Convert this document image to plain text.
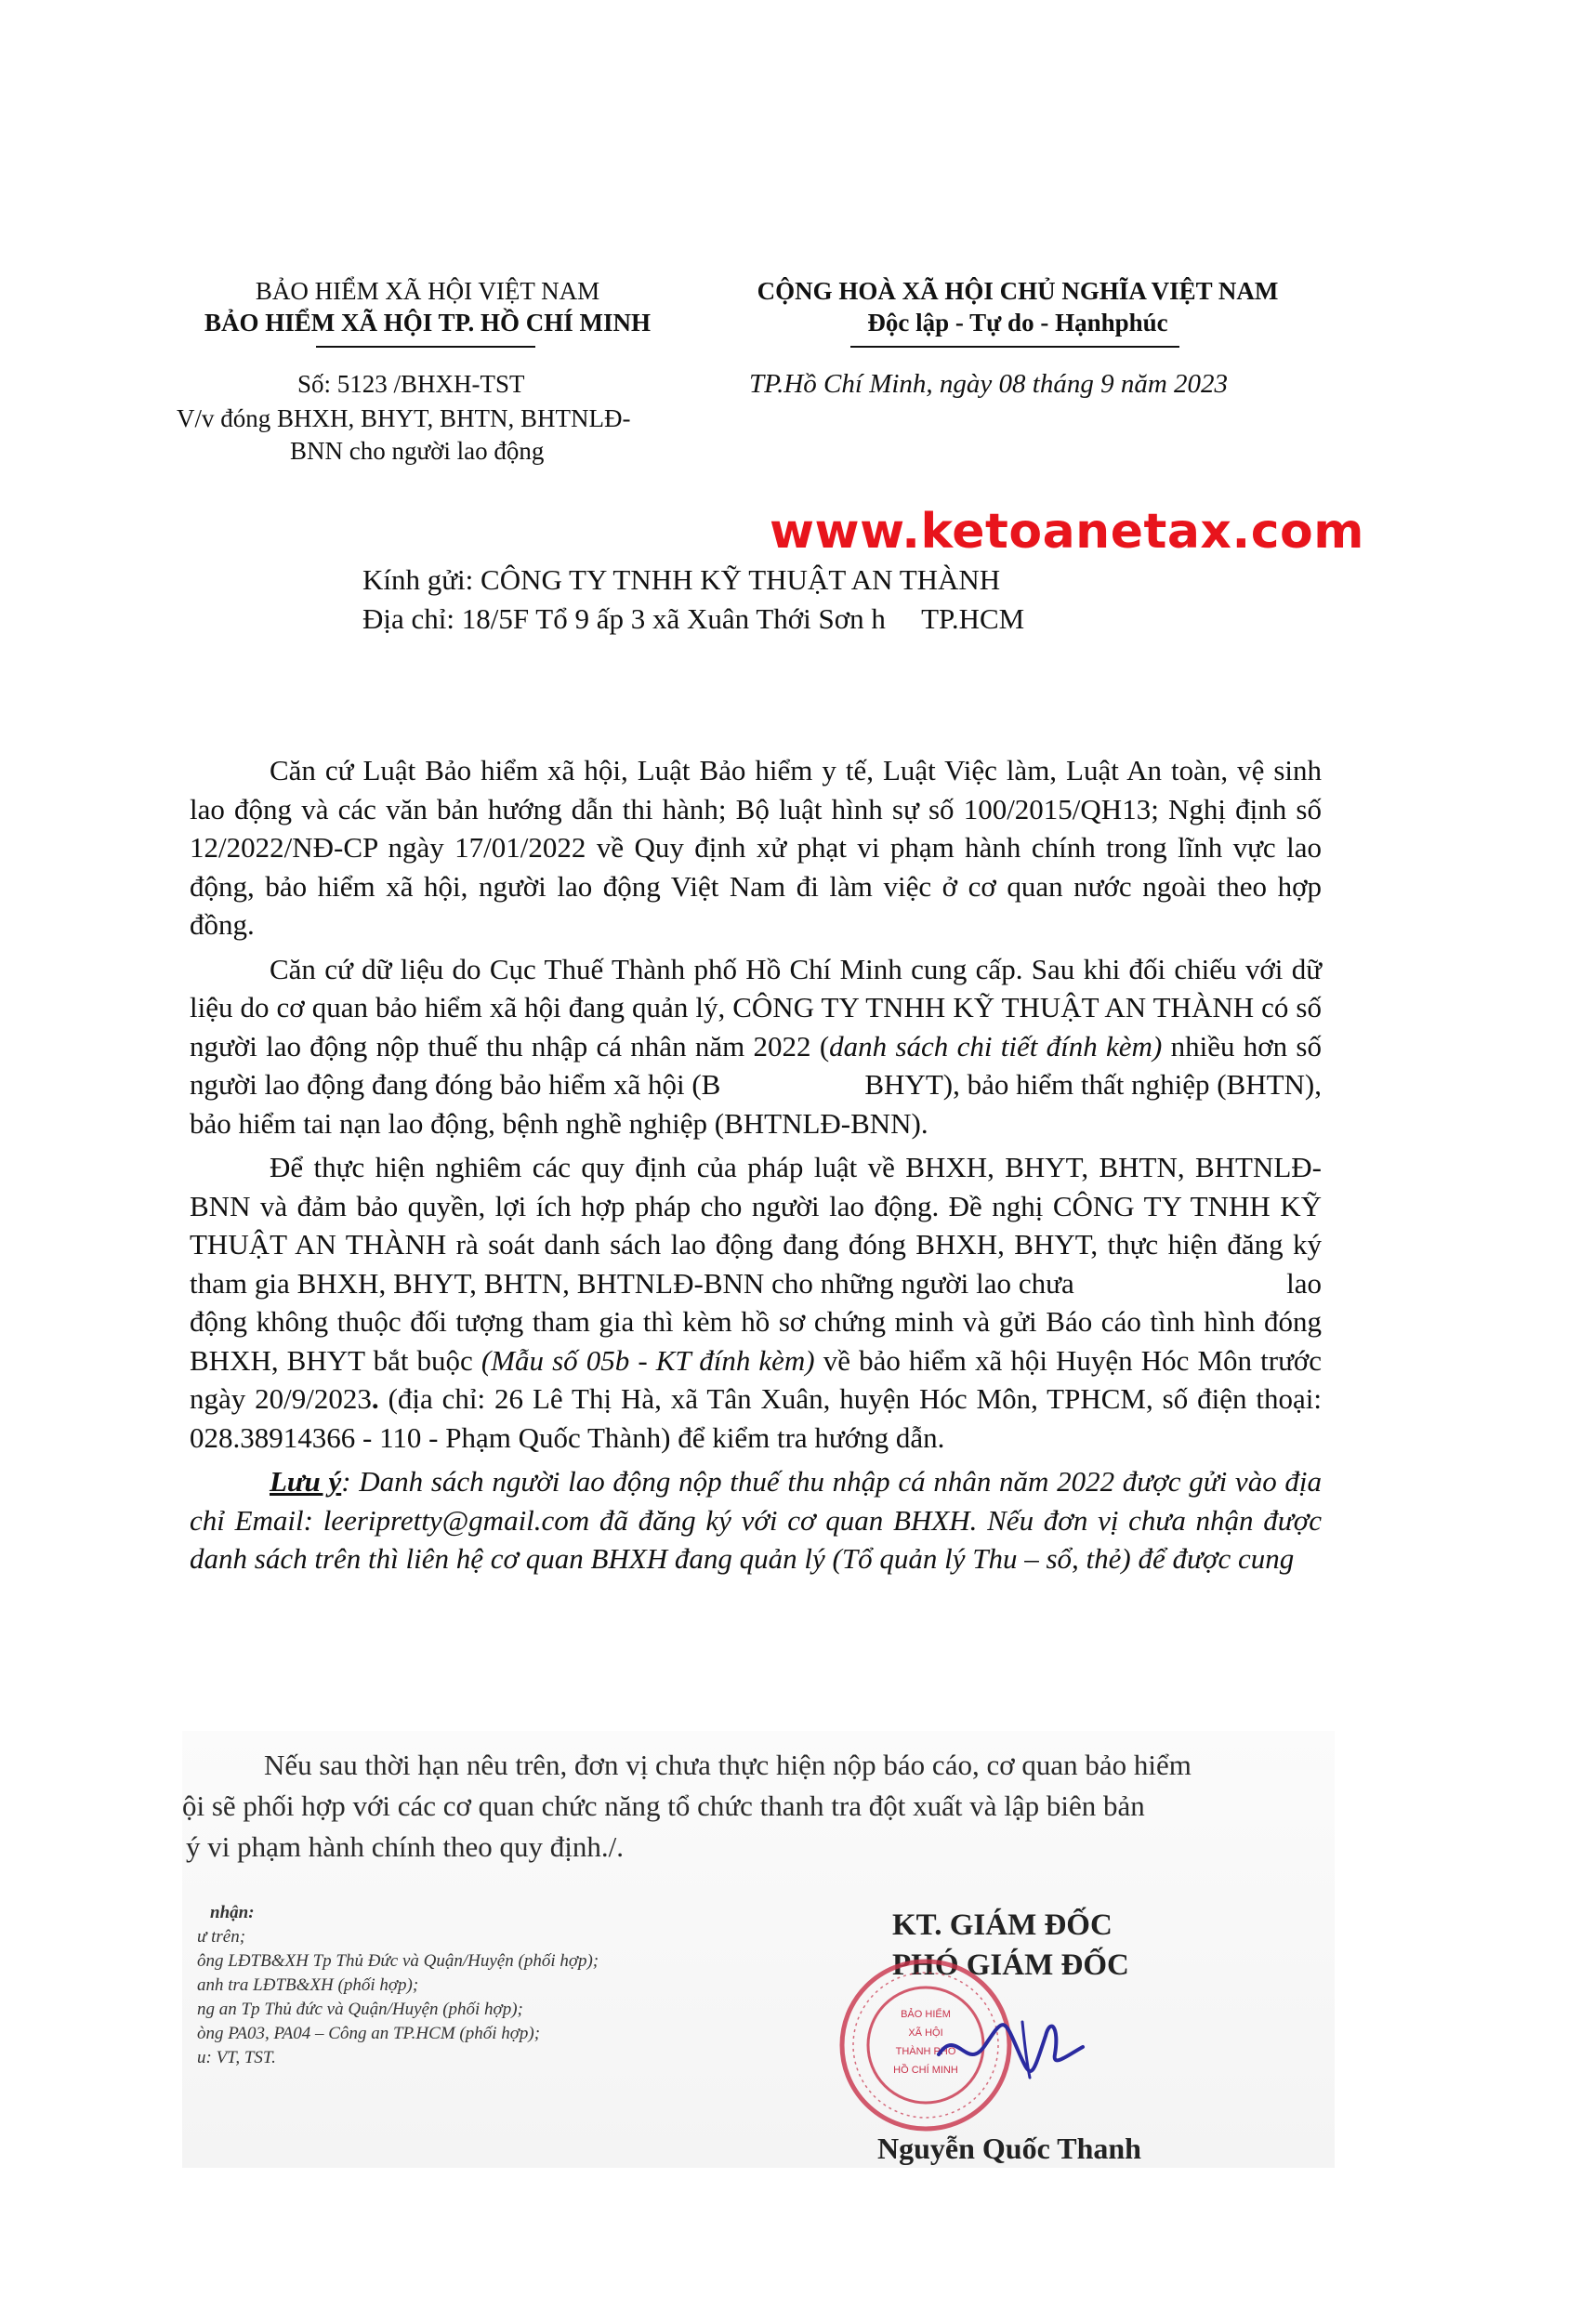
BẢO HIỂM XÃ HỘI VIỆT NAM
BẢO HIỂM XÃ HỘI TP. HỒ CHÍ MINH
CỘNG HOÀ XÃ HỘI CHỦ NGHĨA VIỆT NAM
Độc lập - Tự do - Hạnhphúc
Số: 5123 /BHXH-TST
V/v đóng BHXH, BHYT, BHTN, BHTNLĐ-
BNN cho người lao động
TP.Hồ Chí Minh, ngày 08 tháng 9 năm 2023
www.ketoanetax.com
Kính gửi: CÔNG TY TNHH KỸ THUẬT AN THÀNH
Địa chỉ: 18/5F Tổ 9 ấp 3 xã Xuân Thới Sơn h     TP.HCM

Căn cứ Luật Bảo hiểm xã hội, Luật Bảo hiểm y tế, Luật Việc làm, Luật An toàn, vệ sinh lao động và các văn bản hướng dẫn thi hành; Bộ luật hình sự số 100/2015/QH13; Nghị định số 12/2022/NĐ-CP ngày 17/01/2022 về Quy định xử phạt vi phạm hành chính trong lĩnh vực lao động, bảo hiểm xã hội, người lao động Việt Nam đi làm việc ở cơ quan nước ngoài theo hợp đồng.

Căn cứ dữ liệu do Cục Thuế Thành phố Hồ Chí Minh cung cấp. Sau khi đối chiếu với dữ liệu do cơ quan bảo hiểm xã hội đang quản lý, CÔNG TY TNHH KỸ THUẬT AN THÀNH có số người lao động nộp thuế thu nhập cá nhân năm 2022 (danh sách chi tiết đính kèm) nhiều hơn số người lao động đang đóng bảo hiểm xã hội (B                    BHYT), bảo hiểm thất nghiệp (BHTN), bảo hiểm tai nạn lao động, bệnh nghề nghiệp (BHTNLĐ-BNN).

Để thực hiện nghiêm các quy định của pháp luật về BHXH, BHYT, BHTN, BHTNLĐ-BNN và đảm bảo quyền, lợi ích hợp pháp cho người lao động. Đề nghị CÔNG TY TNHH KỸ THUẬT AN THÀNH rà soát danh sách lao động đang đóng BHXH, BHYT, thực hiện đăng ký tham gia BHXH, BHYT, BHTN, BHTNLĐ-BNN cho những người lao chưa                             lao động không thuộc đối tượng tham gia thì kèm hồ sơ chứng minh và gửi Báo cáo tình hình đóng BHXH, BHYT bắt buộc (Mẫu số 05b - KT đính kèm) về bảo hiểm xã hội Huyện Hóc Môn trước ngày 20/9/2023. (địa chỉ: 26 Lê Thị Hà, xã Tân Xuân, huyện Hóc Môn, TPHCM, số điện thoại: 028.38914366 - 110 - Phạm Quốc Thành) để kiểm tra hướng dẫn.

Lưu ý: Danh sách người lao động nộp thuế thu nhập cá nhân năm 2022 được gửi vào địa chỉ Email: leeripretty@gmail.com đã đăng ký với cơ quan BHXH. Nếu đơn vị chưa nhận được danh sách trên thì liên hệ cơ quan BHXH đang quản lý (Tổ quản lý Thu – sổ, thẻ) để được cung

Nếu sau thời hạn nêu trên, đơn vị chưa thực hiện nộp báo cáo, cơ quan bảo hiểm
ội sẽ phối hợp với các cơ quan chức năng tổ chức thanh tra đột xuất và lập biên bản
ý vi phạm hành chính theo quy định./.
nhận:
ư trên;
ông LĐTB&XH Tp Thủ Đức và Quận/Huyện (phối hợp);
anh tra LĐTB&XH (phối hợp);
ng an Tp Thủ đức và Quận/Huyện (phối hợp);
òng PA03, PA04 – Công an TP.HCM (phối hợp);
u: VT, TST.
KT. GIÁM ĐỐC
PHÓ GIÁM ĐỐC
BẢO HIỂM
XÃ HỘI
THÀNH PHỐ
HỒ CHÍ MINH
Nguyễn Quốc Thanh
